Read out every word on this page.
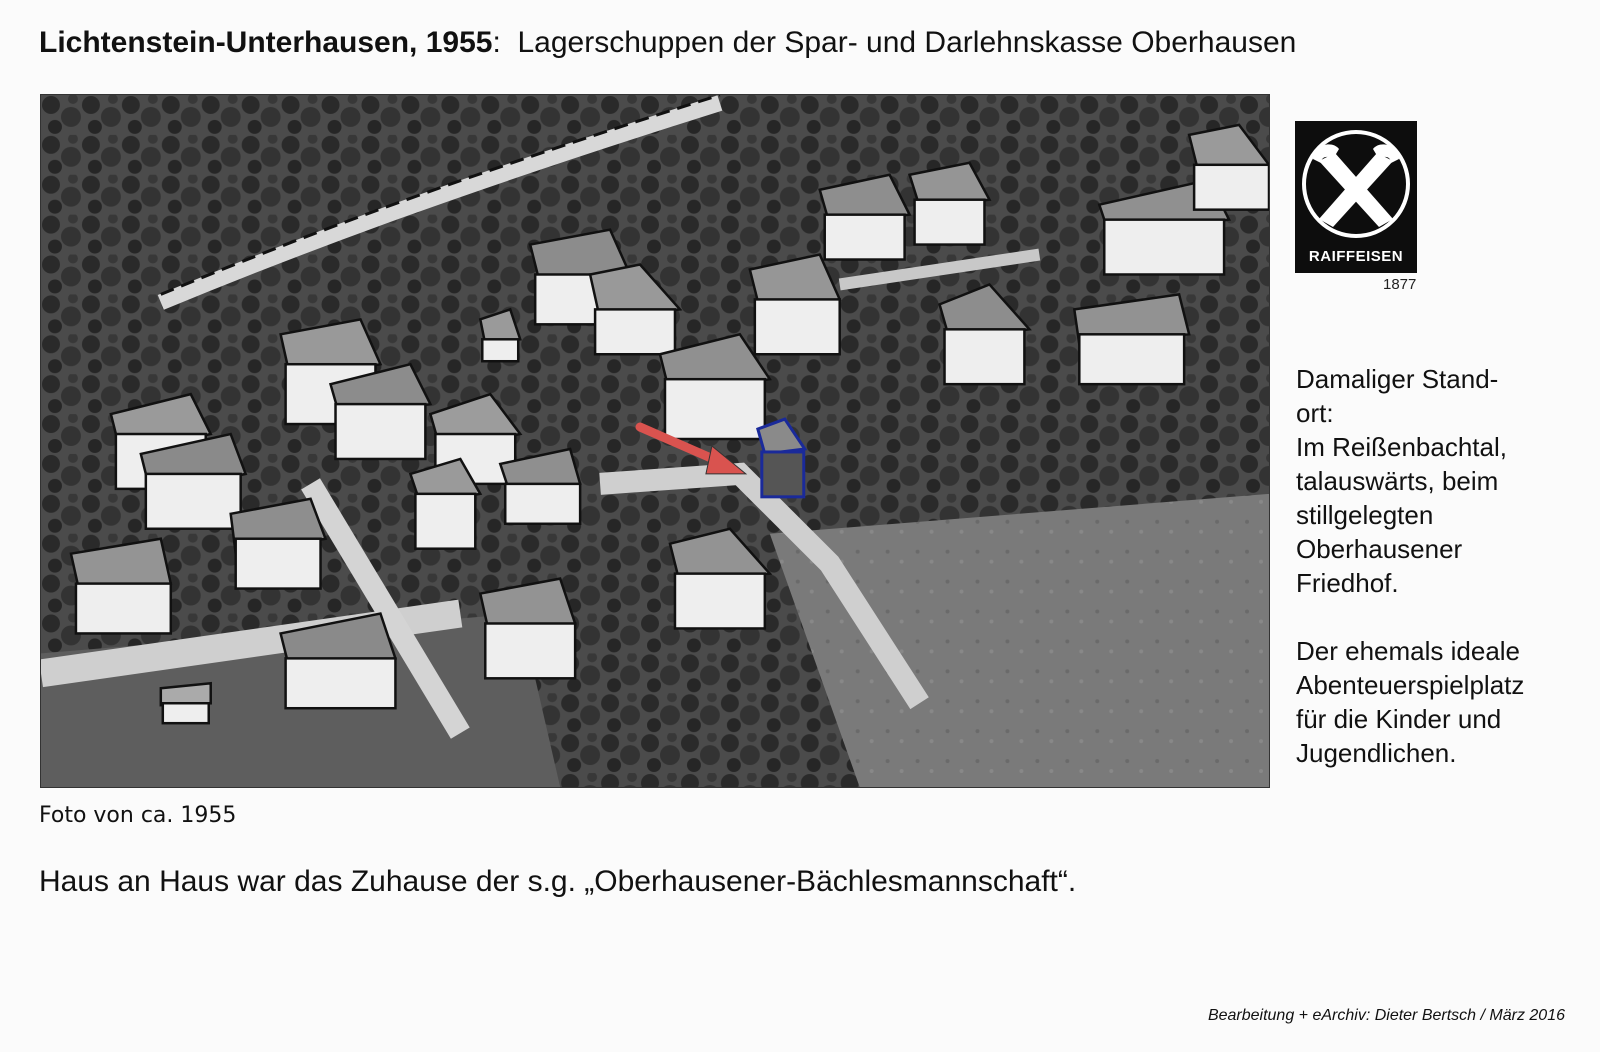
Lichtenstein-Unterhausen, 1955: Lagerschuppen der Spar- und Darlehnskasse Oberhausen
RAIFFEISEN
1877

Damaliger Stand-
ort:
Im Reißenbachtal,
talauswärts, beim
stillgelegten
Oberhausener
Friedhof.

Der ehemals ideale
Abenteuerspielplatz
für die Kinder und
Jugendlichen.

Foto von ca. 1955
Haus an Haus war das Zuhause der s.g. „Oberhausener-Bächlesmannschaft“.
Bearbeitung + eArchiv: Dieter Bertsch / März 2016
